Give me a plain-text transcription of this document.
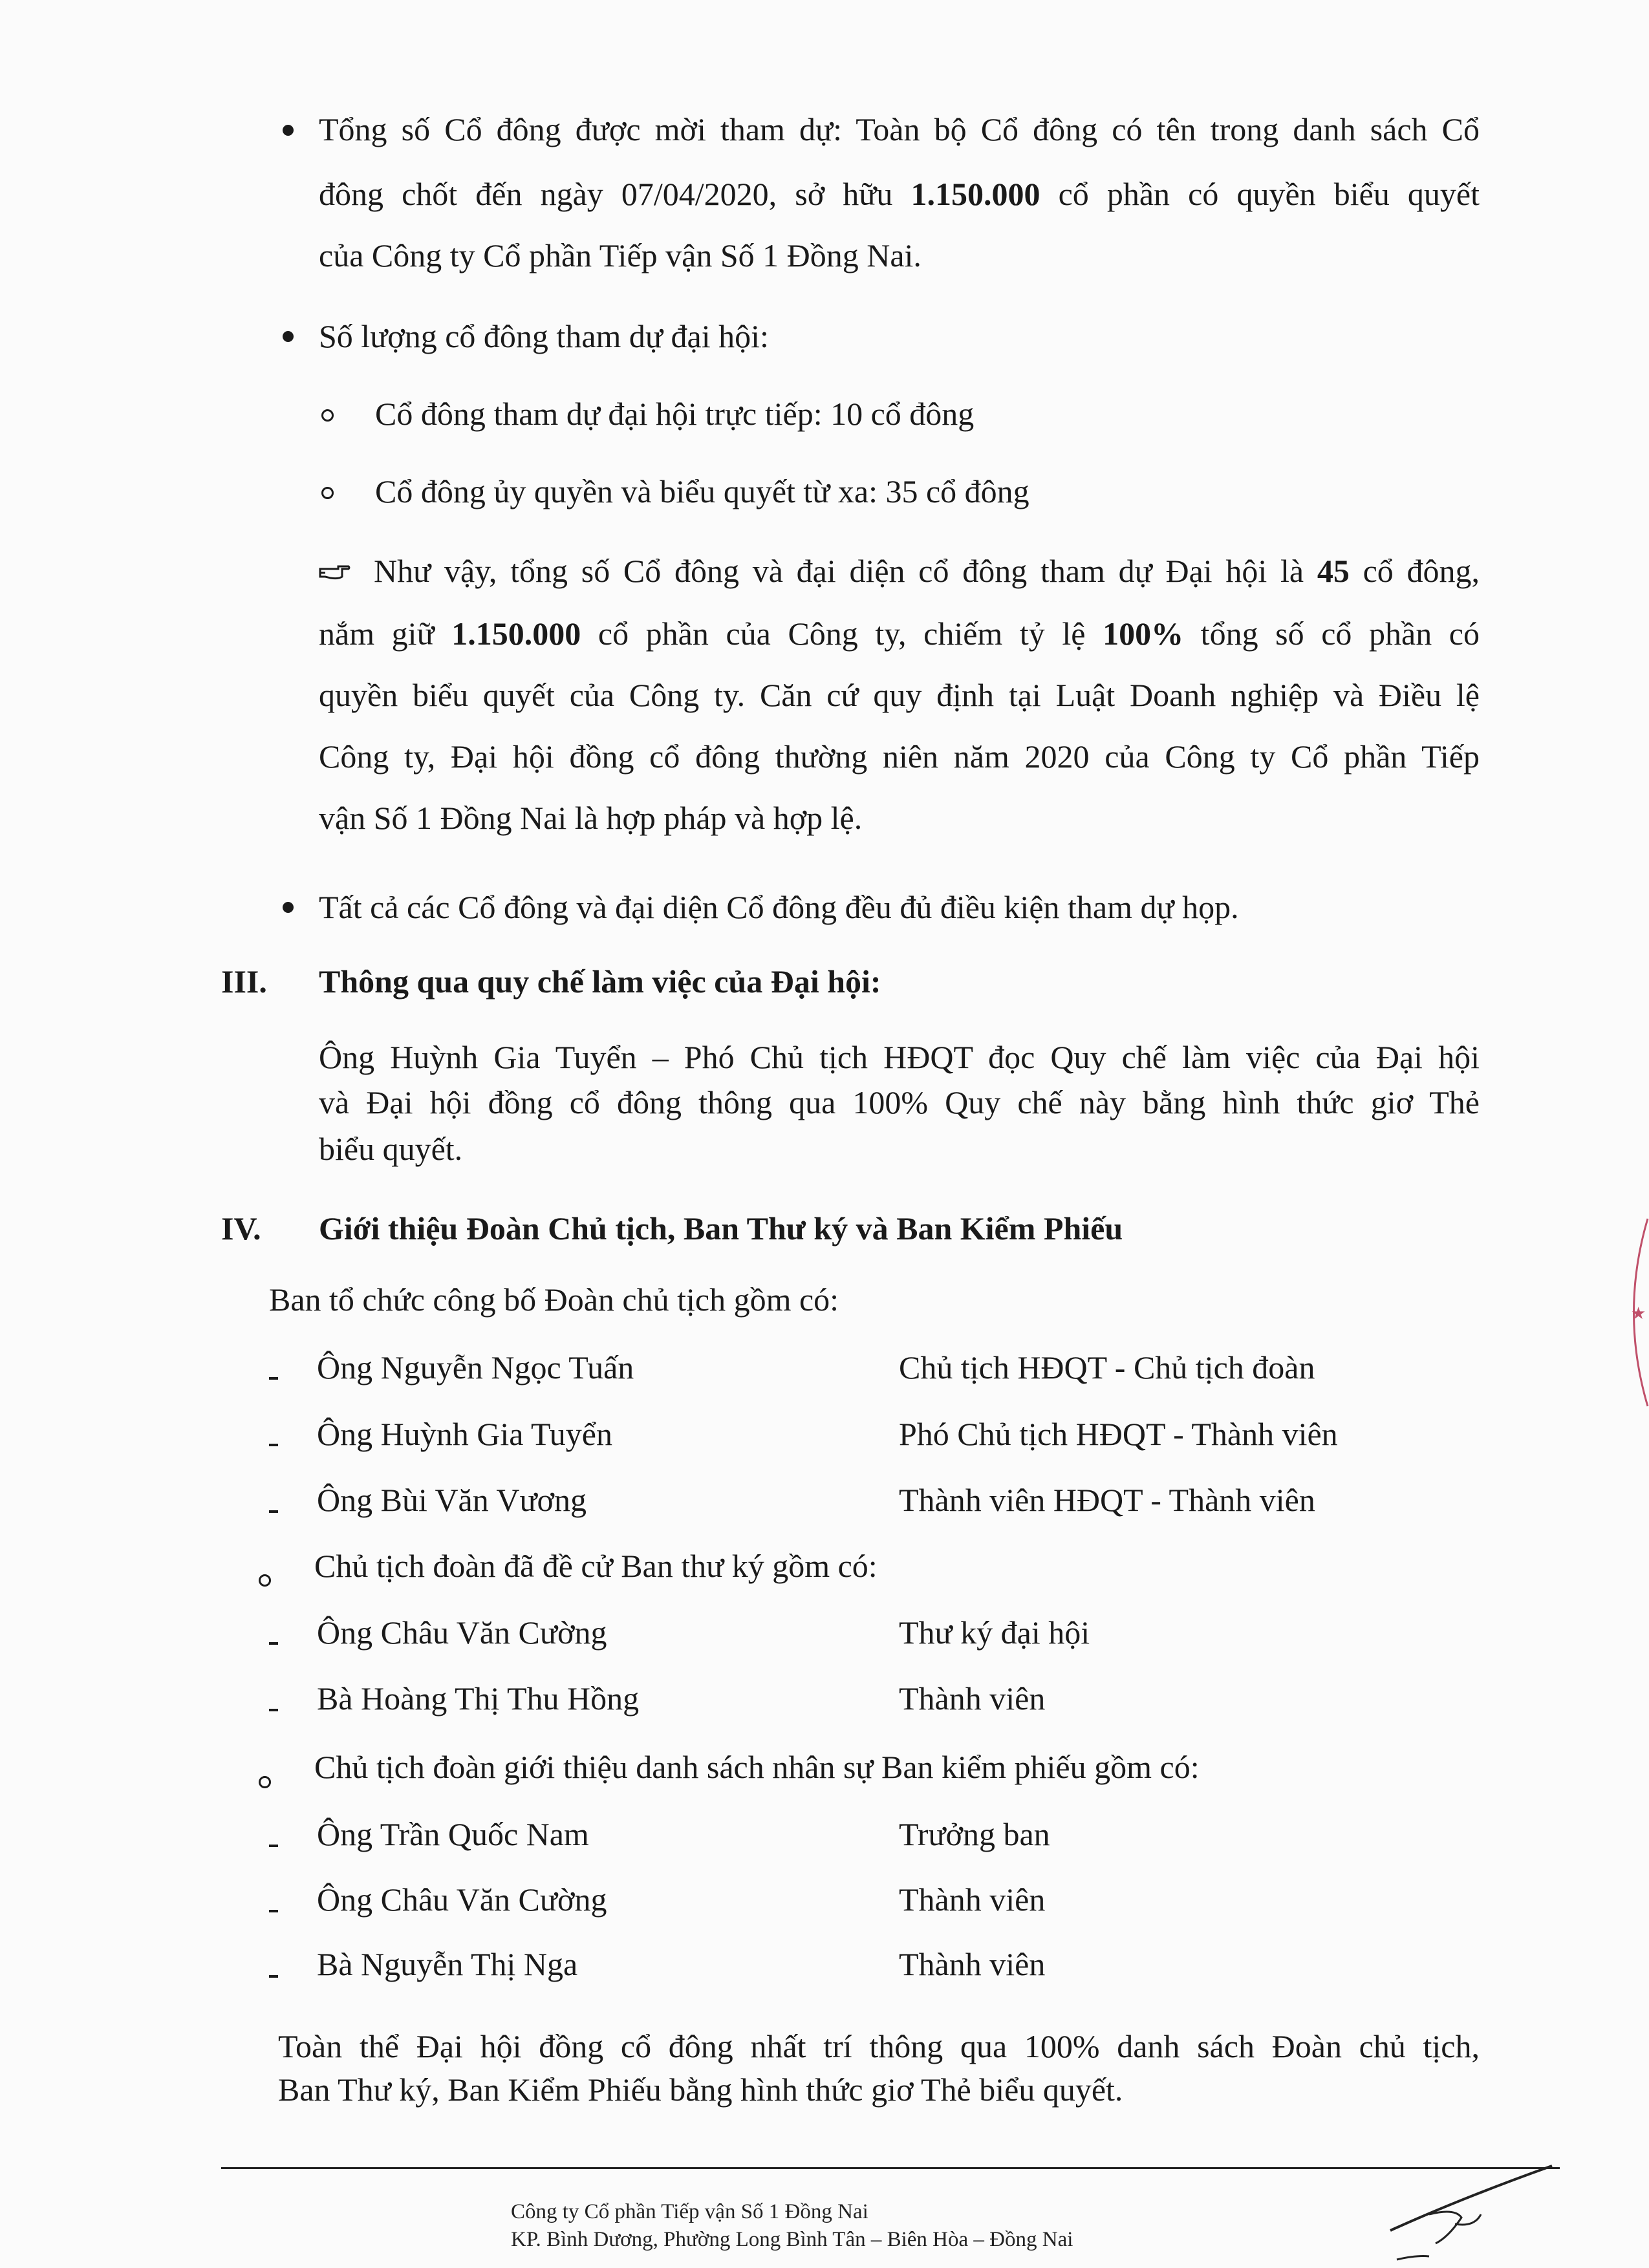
Tổng số Cổ đông được mời tham dự: Toàn bộ Cổ đông có tên trong danh sách Cổ
đông chốt đến ngày 07/04/2020, sở hữu 1.150.000 cổ phần có quyền biểu quyết
của Công ty Cổ phần Tiếp vận Số 1 Đồng Nai.
Số lượng cổ đông tham dự đại hội:
Cổ đông tham dự đại hội trực tiếp: 10 cổ đông
Cổ đông ủy quyền và biểu quyết từ xa: 35 cổ đông
Như vậy, tổng số Cổ đông và đại diện cổ đông tham dự Đại hội là 45 cổ đông,
nắm giữ 1.150.000 cổ phần của Công ty, chiếm tỷ lệ 100% tổng số cổ phần có
quyền biểu quyết của Công ty. Căn cứ quy định tại Luật Doanh nghiệp và Điều lệ
Công ty, Đại hội đồng cổ đông thường niên năm 2020 của Công ty Cổ phần Tiếp
vận Số 1 Đồng Nai là hợp pháp và hợp lệ.
Tất cả các Cổ đông và đại diện Cổ đông đều đủ điều kiện tham dự họp.
III. Thông qua quy chế làm việc của Đại hội:
Ông Huỳnh Gia Tuyển – Phó Chủ tịch HĐQT đọc Quy chế làm việc của Đại hội
và Đại hội đồng cổ đông thông qua 100% Quy chế này bằng hình thức giơ Thẻ
biểu quyết.
IV. Giới thiệu Đoàn Chủ tịch, Ban Thư ký và Ban Kiểm Phiếu
Ban tổ chức công bố Đoàn chủ tịch gồm có:
Ông Nguyễn Ngọc Tuấn	Chủ tịch HĐQT - Chủ tịch đoàn
Ông Huỳnh Gia Tuyển	Phó Chủ tịch HĐQT - Thành viên
Ông Bùi Văn Vương	Thành viên HĐQT - Thành viên
Chủ tịch đoàn đã đề cử Ban thư ký gồm có:
Ông Châu Văn Cường	Thư ký đại hội
Bà Hoàng Thị Thu Hồng	Thành viên
Chủ tịch đoàn giới thiệu danh sách nhân sự Ban kiểm phiếu gồm có:
Ông Trần Quốc Nam	Trưởng ban
Ông Châu Văn Cường	Thành viên
Bà Nguyễn Thị Nga	Thành viên
Toàn thể Đại hội đồng cổ đông nhất trí thông qua 100% danh sách Đoàn chủ tịch,
Ban Thư ký, Ban Kiểm Phiếu bằng hình thức giơ Thẻ biểu quyết.
Công ty Cổ phần Tiếp vận Số 1 Đồng Nai
KP. Bình Dương, Phường Long Bình Tân – Biên Hòa – Đồng Nai
★
